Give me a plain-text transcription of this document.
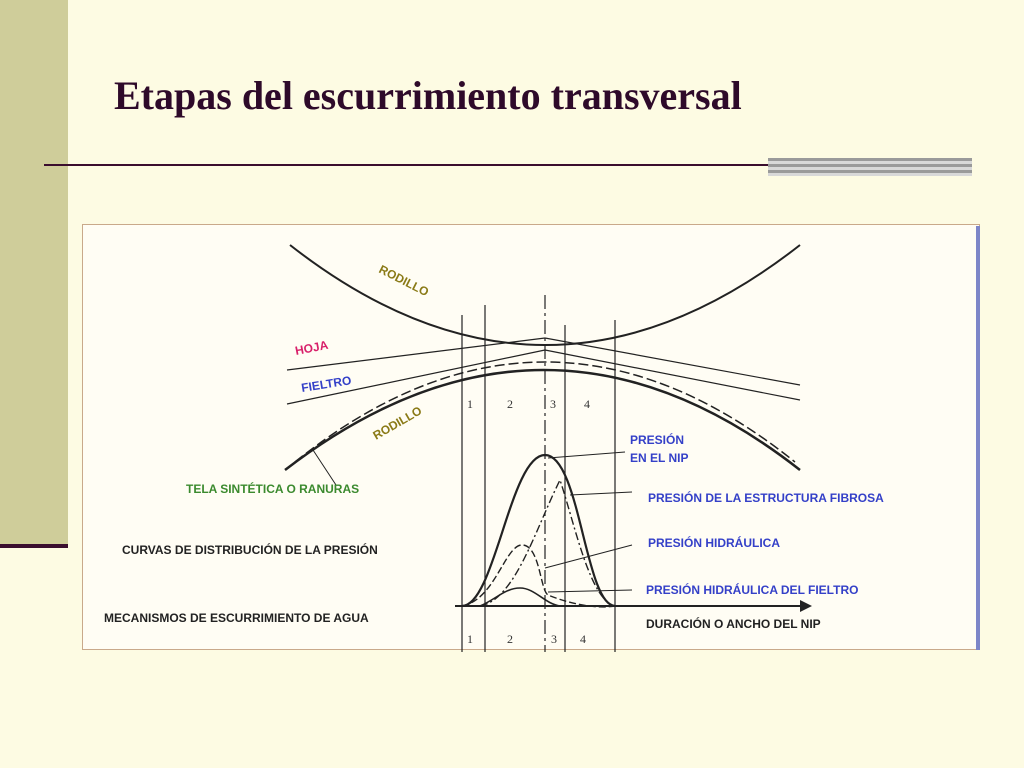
Etapas del escurrimiento transversal
1	2	3 4
1	2	3 4
RODILLO
HOJA
FIELTRO
RODILLO
TELA SINTÉTICA O RANURAS
CURVAS DE DISTRIBUCIÓN DE LA PRESIÓN
MECANISMOS DE ESCURRIMIENTO DE AGUA	DURACIÓN O ANCHO DEL NIP
PRESIÓN
EN EL NIP
PRESIÓN DE LA ESTRUCTURA FIBROSA
PRESIÓN HIDRÁULICA
PRESIÓN HIDRÁULICA DEL FIELTRO
